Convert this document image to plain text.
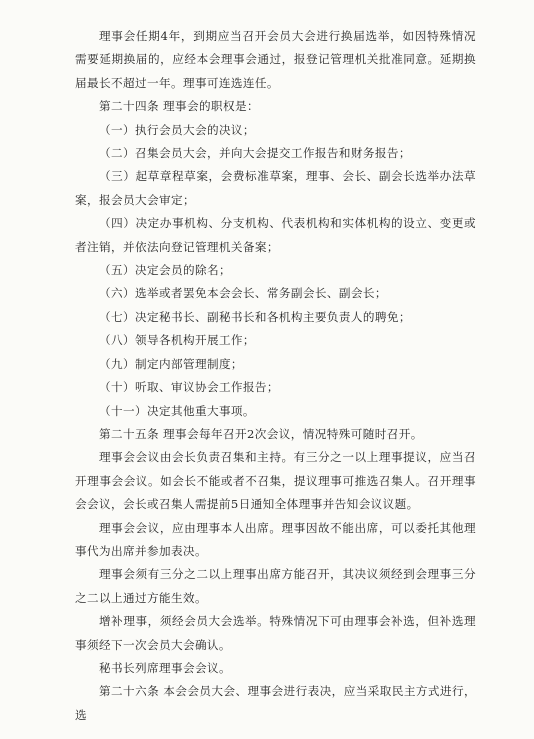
理事会任期4年，到期应当召开会员大会进行换届选举，如因特殊情况需要延期换届的，应经本会理事会通过，报登记管理机关批准同意。延期换届最长不超过一年。理事可连选连任。

第二十四条 理事会的职权是：

（一）执行会员大会的决议；

（二）召集会员大会，并向大会提交工作报告和财务报告；

（三）起草章程草案，会费标准草案，理事、会长、副会长选举办法草案，报会员大会审定；

（四）决定办事机构、分支机构、代表机构和实体机构的设立、变更或者注销，并依法向登记管理机关备案；

（五）决定会员的除名；

（六）选举或者罢免本会会长、常务副会长、副会长；

（七）决定秘书长、副秘书长和各机构主要负责人的聘免；

（八）领导各机构开展工作；

（九）制定内部管理制度；

（十）听取、审议协会工作报告；

（十一）决定其他重大事项。

第二十五条 理事会每年召开2次会议，情况特殊可随时召开。

理事会会议由会长负责召集和主持。有三分之一以上理事提议，应当召开理事会会议。如会长不能或者不召集，提议理事可推选召集人。召开理事会会议，会长或召集人需提前5日通知全体理事并告知会议议题。

理事会会议，应由理事本人出席。理事因故不能出席，可以委托其他理事代为出席并参加表决。

理事会须有三分之二以上理事出席方能召开，其决议须经到会理事三分之二以上通过方能生效。

增补理事，须经会员大会选举。特殊情况下可由理事会补选，但补选理事须经下一次会员大会确认。

秘书长列席理事会会议。

第二十六条 本会会员大会、理事会进行表决，应当采取民主方式进行，选
